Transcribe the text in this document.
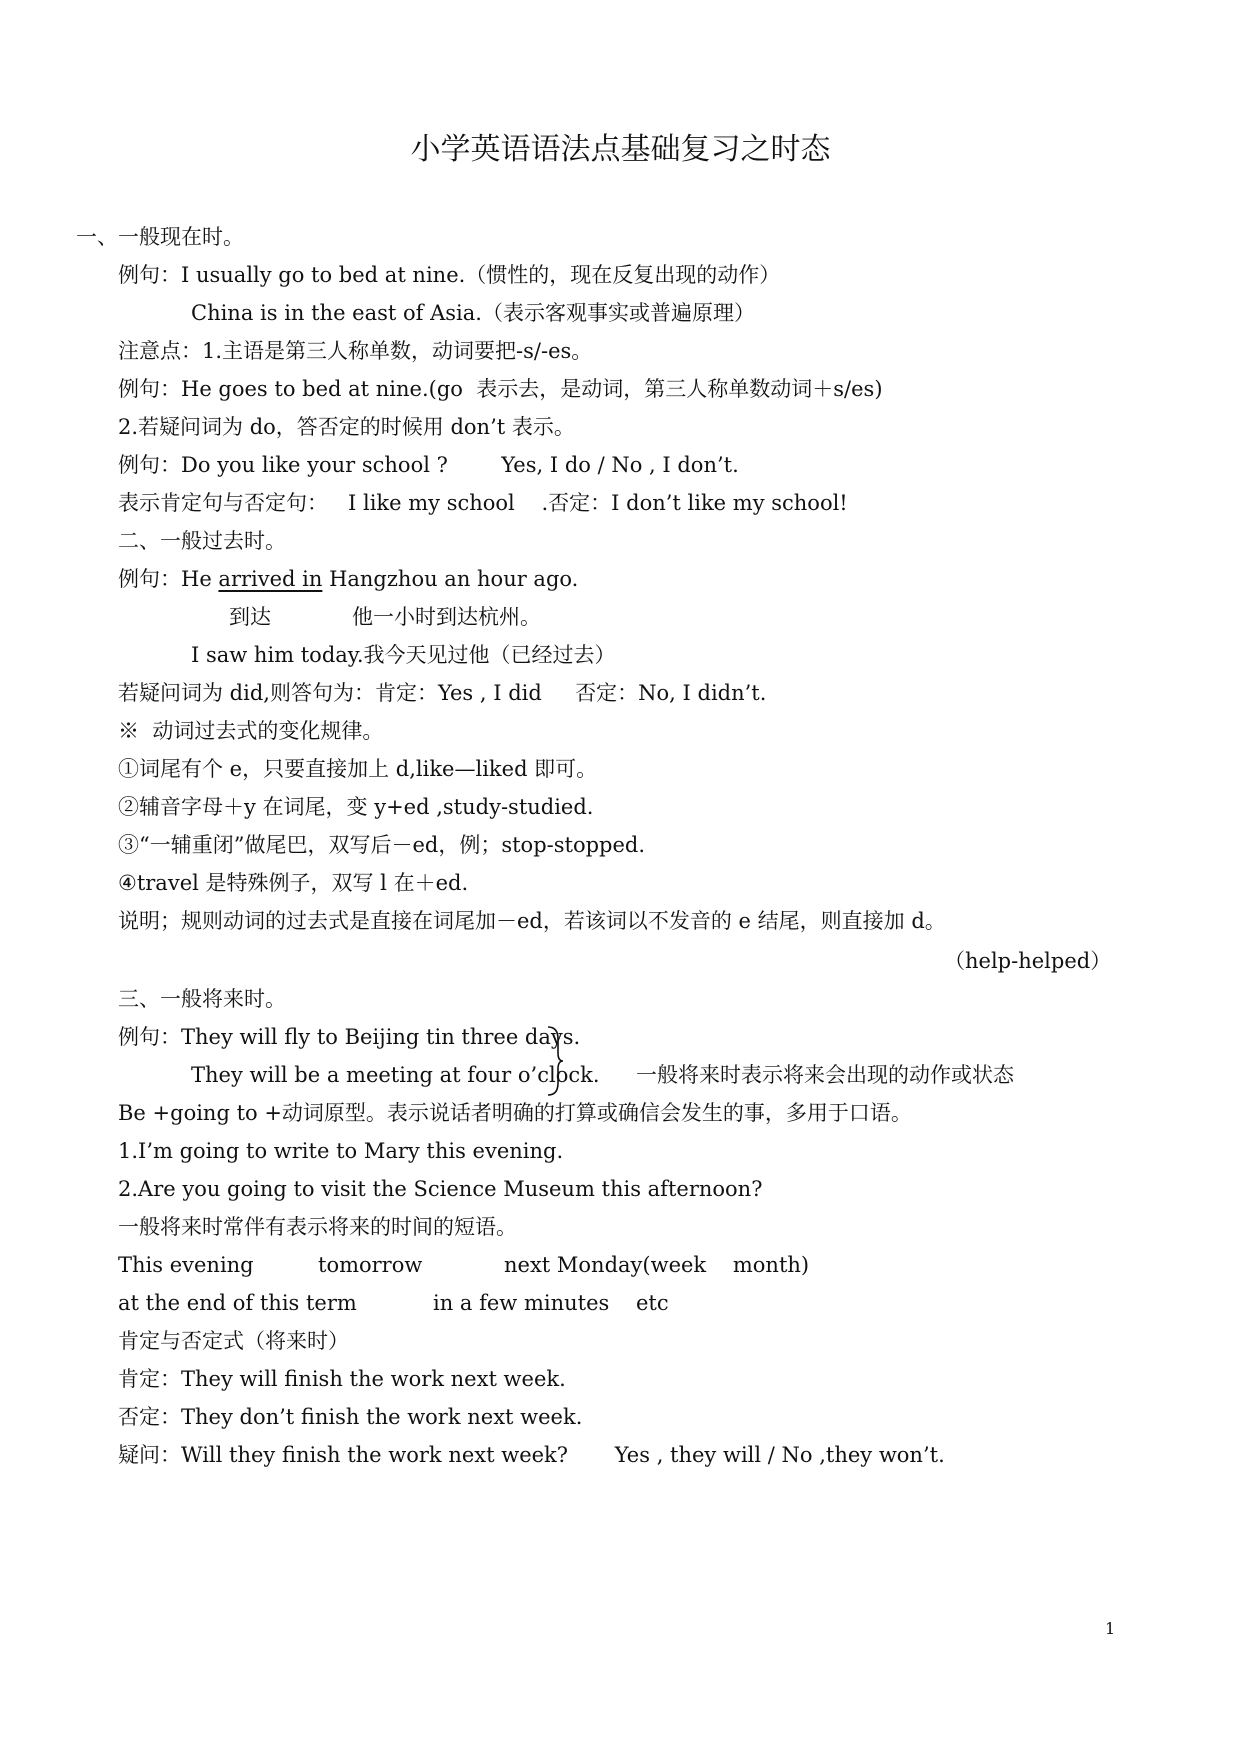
小学英语语法点基础复习之时态
一、一般现在时。
例句：I usually go to bed at nine.（惯性的，现在反复出现的动作）
China is in the east of Asia.（表示客观事实或普遍原理）
注意点：1.主语是第三人称单数，动词要把-s/-es。
例句：He goes to bed at nine.(go  表示去，是动词，第三人称单数动词＋s/es)
2.若疑问词为 do，答否定的时候用 don’t 表示。
例句：Do you like your school ?        Yes, I do / No , I don’t.
表示肯定句与否定句：   I like my school    .否定：I don’t like my school!
二、一般过去时。
例句：He arrived in Hangzhou an hour ago.
到达	他一小时到达杭州。
I saw him today.我今天见过他（已经过去）
若疑问词为 did,则答句为：肯定：Yes , I did     否定：No, I didn’t.
※  动词过去式的变化规律。
①词尾有个 e，只要直接加上 d,like—liked 即可。
②辅音字母＋y 在词尾，变 y+ed ,study-studied.
③“一辅重闭”做尾巴，双写后－ed，例；stop-stopped.
④travel 是特殊例子，双写 l 在＋ed.
说明；规则动词的过去式是直接在词尾加－ed，若该词以不发音的 e 结尾，则直接加 d。
（help-helped）
三、一般将来时。
例句：They will fly to Beijing tin three days.
They will be a meeting at four o’clock. 一般将来时表示将来会出现的动作或状态
Be +going to +动词原型。表示说话者明确的打算或确信会发生的事，多用于口语。
1.I’m going to write to Mary this evening.
2.Are you going to visit the Science Museum this afternoon?
一般将来时常伴有表示将来的时间的短语。
This evening	tomorrow	next Monday(week    month)
at the end of this term	in a few minutes    etc
肯定与否定式（将来时）
肯定：They will finish the work next week.
否定：They don’t finish the work next week.
疑问：Will they finish the work next week?       Yes , they will / No ,they won’t.
1
